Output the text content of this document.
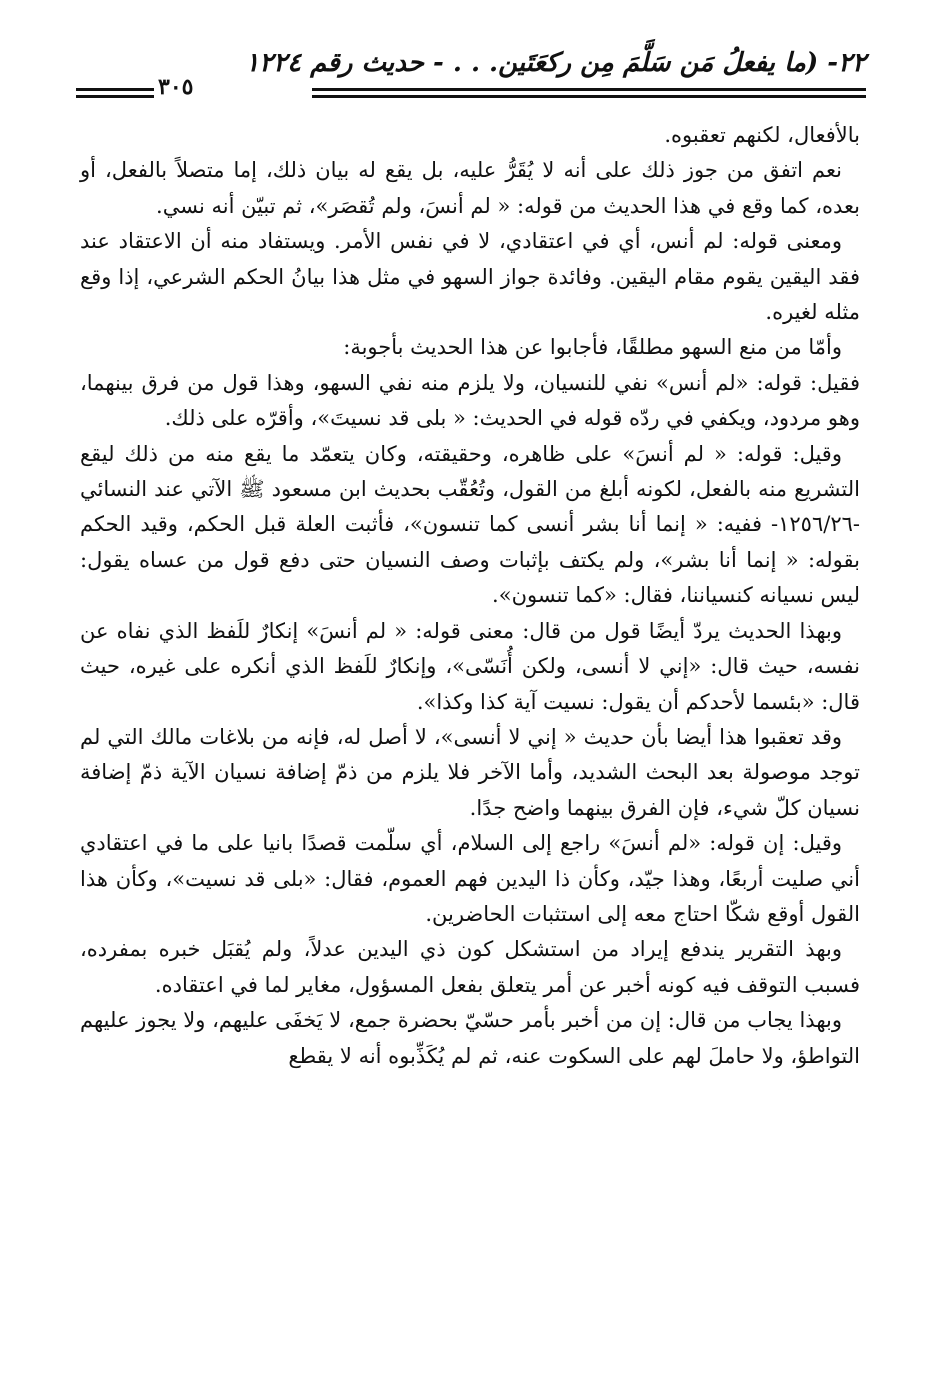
٢٢- (ما يفعلُ مَن سَلَّمَ مِن ركعَتَين. . . - حديث رقم ١٢٢٤
٣٠٥

بالأفعال، لكنهم تعقبوه.

نعم اتفق من جوز ذلك على أنه لا يُقَرُّ عليه، بل يقع له بيان ذلك، إما متصلاً بالفعل، أو بعده، كما وقع في هذا الحديث من قوله: « لم أنسَ، ولم تُقصَر»، ثم تبيّن أنه نسي.

ومعنى قوله: لم أنس، أي في اعتقادي، لا في نفس الأمر. ويستفاد منه أن الاعتقاد عند فقد اليقين يقوم مقام اليقين. وفائدة جواز السهو في مثل هذا بيانُ الحكم الشرعي، إذا وقع مثله لغيره.

وأمّا من منع السهو مطلقًا، فأجابوا عن هذا الحديث بأجوبة:

فقيل: قوله: «لم أنس» نفي للنسيان، ولا يلزم منه نفي السهو، وهذا قول من فرق بينهما، وهو مردود، ويكفي في ردّه قوله في الحديث: « بلى قد نسيتَ»، وأقرّه على ذلك.

وقيل: قوله: « لم أنسَ» على ظاهره، وحقيقته، وكان يتعمّد ما يقع منه من ذلك ليقع التشريع منه بالفعل، لكونه أبلغ من القول، وتُعُقّب بحديث ابن مسعود ﷺ الآتي عند النسائي -١٢٥٦/٢٦- ففيه: « إنما أنا بشر أنسى كما تنسون»، فأثبت العلة قبل الحكم، وقيد الحكم بقوله: « إنما أنا بشر»، ولم يكتف بإثبات وصف النسيان حتى دفع قول من عساه يقول: ليس نسيانه كنسياننا، فقال: «كما تنسون».

وبهذا الحديث يردّ أيضًا قول من قال: معنى قوله: « لم أنسَ» إنكارٌ للَفظ الذي نفاه عن نفسه، حيث قال: «إني لا أنسى، ولكن أُنَسّى»، وإنكارٌ للَفظ الذي أنكره على غيره، حيث قال: «بئسما لأحدكم أن يقول: نسيت آية كذا وكذا».

وقد تعقبوا هذا أيضا بأن حديث « إني لا أنسى»، لا أصل له، فإنه من بلاغات مالك التي لم توجد موصولة بعد البحث الشديد، وأما الآخر فلا يلزم من ذمّ إضافة نسيان الآية ذمّ إضافة نسيان كلّ شيء، فإن الفرق بينهما واضح جدًا.

وقيل: إن قوله: «لم أنسَ» راجع إلى السلام، أي سلّمت قصدًا بانيا على ما في اعتقادي أني صليت أربعًا، وهذا جيّد، وكأن ذا اليدين فهم العموم، فقال: «بلى قد نسيت»، وكأن هذا القول أوقع شكّا احتاج معه إلى استثبات الحاضرين.

وبهذ التقرير يندفع إيراد من استشكل كون ذي اليدين عدلاً، ولم يُقبَل خبره بمفرده، فسبب التوقف فيه كونه أخبر عن أمر يتعلق بفعل المسؤول، مغاير لما في اعتقاده.

وبهذا يجاب من قال: إن من أخبر بأمر حسّيّ بحضرة جمع، لا يَخفَى عليهم، ولا يجوز عليهم التواطؤ، ولا حاملَ لهم على السكوت عنه، ثم لم يُكَذِّبوه أنه لا يقطع
